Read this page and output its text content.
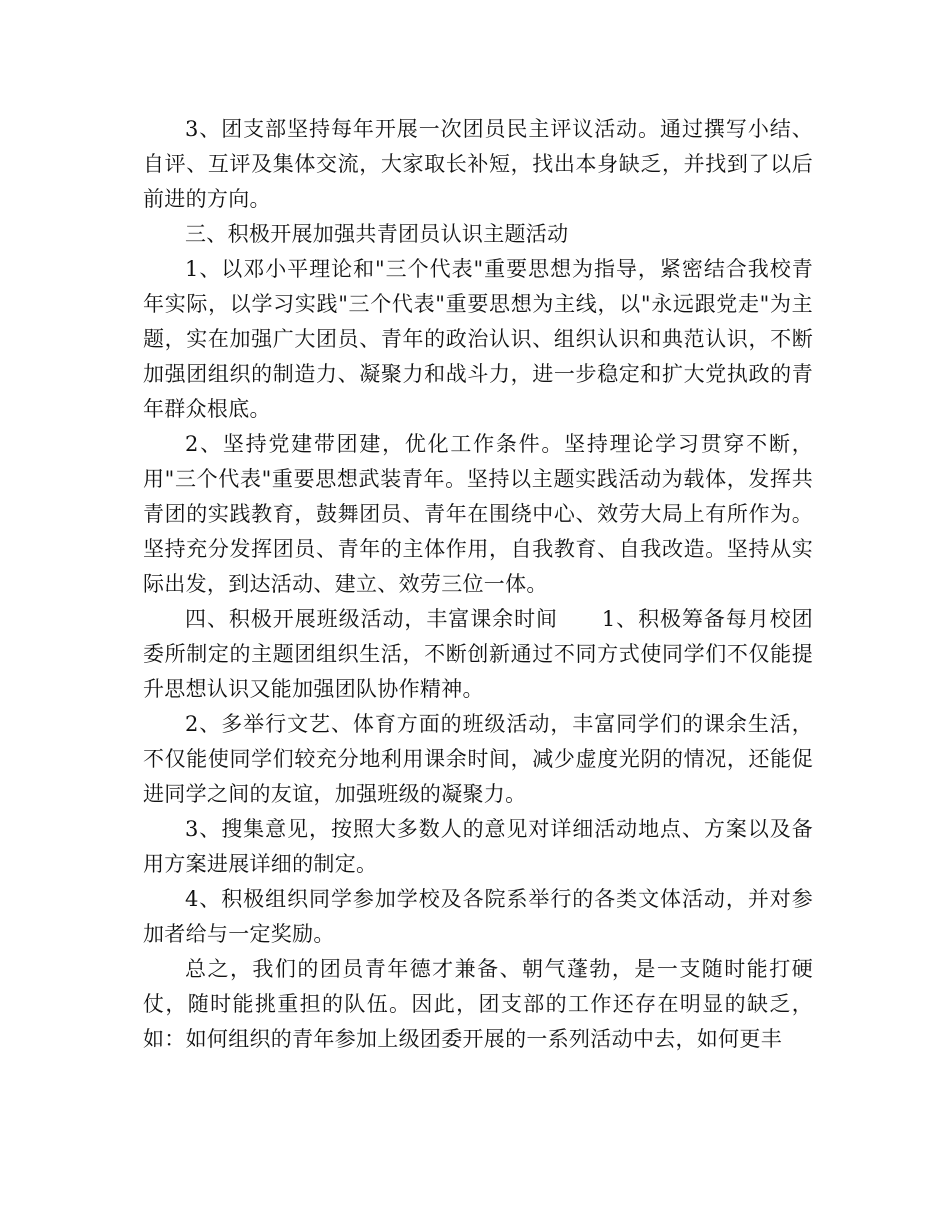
3、团支部坚持每年开展一次团员民主评议活动。通过撰写小结、自评、互评及集体交流，大家取长补短，找出本身缺乏，并找到了以后前进的方向。

三、积极开展加强共青团员认识主题活动

1、以邓小平理论和"三个代表"重要思想为指导，紧密结合我校青年实际，以学习实践"三个代表"重要思想为主线，以"永远跟党走"为主题，实在加强广大团员、青年的政治认识、组织认识和典范认识，不断加强团组织的制造力、凝聚力和战斗力，进一步稳定和扩大党执政的青年群众根底。

2、坚持党建带团建，优化工作条件。坚持理论学习贯穿不断，用"三个代表"重要思想武装青年。坚持以主题实践活动为载体，发挥共青团的实践教育，鼓舞团员、青年在围绕中心、效劳大局上有所作为。坚持充分发挥团员、青年的主体作用，自我教育、自我改造。坚持从实际出发，到达活动、建立、效劳三位一体。

四、积极开展班级活动，丰富课余时间　　1、积极筹备每月校团委所制定的主题团组织生活，不断创新通过不同方式使同学们不仅能提升思想认识又能加强团队协作精神。

2、多举行文艺、体育方面的班级活动，丰富同学们的课余生活，不仅能使同学们较充分地利用课余时间，减少虚度光阴的情况，还能促进同学之间的友谊，加强班级的凝聚力。

3、搜集意见，按照大多数人的意见对详细活动地点、方案以及备用方案进展详细的制定。

4、积极组织同学参加学校及各院系举行的各类文体活动，并对参加者给与一定奖励。

总之，我们的团员青年德才兼备、朝气蓬勃，是一支随时能打硬仗，随时能挑重担的队伍。因此，团支部的工作还存在明显的缺乏，如：如何组织的青年参加上级团委开展的一系列活动中去，如何更丰
